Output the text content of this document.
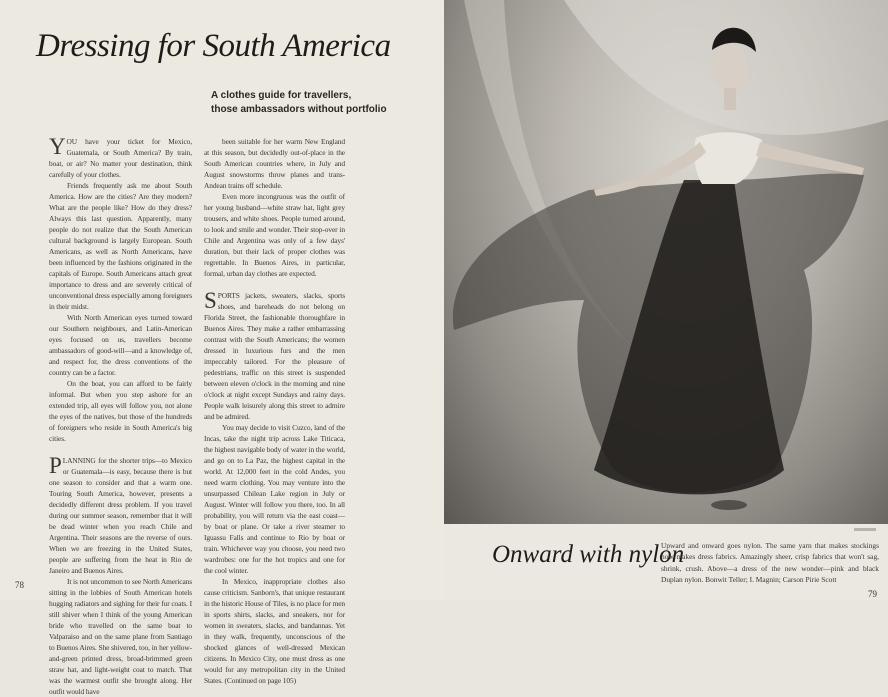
Dressing for South America
A clothes guide for travellers,
those ambassadors without portfolio

YOU have your ticket for Mexico, Guatemala, or South America? By train, boat, or air? No matter your destination, think carefully of your clothes.

Friends frequently ask me about South America. How are the cities? Are they modern? What are the people like? How do they dress? Always this last question. Apparently, many people do not realize that the South American cultural background is largely European. South Americans, as well as North Americans, have been influenced by the fashions originated in the capitals of Europe. South Americans attach great importance to dress and are severely critical of unconventional dress especially among foreigners in their midst.

With North American eyes turned toward our Southern neighbours, and Latin-American eyes focused on us, travellers become ambassadors of good-will—and a knowledge of, and respect for, the dress conventions of the country can be a factor.

On the boat, you can afford to be fairly informal. But when you step ashore for an extended trip, all eyes will follow you, not alone the eyes of the natives, but those of the hundreds of foreigners who reside in South America's big cities.

PLANNING for the shorter trips—to Mexico or Guatemala—is easy, because there is but one season to consider and that a warm one. Touring South America, however, presents a decidedly different dress problem. If you travel during our summer season, remember that it will be dead winter when you reach Chile and Argentina. Their seasons are the reverse of ours. When we are freezing in the United States, people are suffering from the heat in Rio de Janeiro and Buenos Aires.

It is not uncommon to see North Americans sitting in the lobbies of South American hotels hugging radiators and sighing for their fur coats. I still shiver when I think of the young American bride who travelled on the same boat to Valparaiso and on the same plane from Santiago to Buenos Aires. She shivered, too, in her yellow-and-green printed dress, broad-brimmed green straw hat, and light-weight coat to match. That was the warmest outfit she brought along. Her outfit would have

been suitable for her warm New England at this season, but decidedly out-of-place in the South American countries where, in July and August snowstorms throw planes and trans-Andean trains off schedule.

Even more incongruous was the outfit of her young husband—white straw hat, light grey trousers, and white shoes. People turned around, to look and smile and wonder. Their stop-over in Chile and Argentina was only of a few days' duration, but their lack of proper clothes was regrettable. In Buenos Aires, in particular, formal, urban day clothes are expected.

SPORTS jackets, sweaters, slacks, sports shoes, and bareheads do not belong on Florida Street, the fashionable thoroughfare in Buenos Aires. They make a rather embarrassing contrast with the South Americans; the women dressed in luxurious furs and the men impeccably tailored. For the pleasure of pedestrians, traffic on this street is suspended between eleven o'clock in the morning and nine o'clock at night except Sundays and rainy days. People walk leisurely along this street to admire and be admired.

You may decide to visit Cuzco, land of the Incas, take the night trip across Lake Titicaca, the highest navigable body of water in the world, and go on to La Paz, the highest capital in the world. At 12,000 feet in the cold Andes, you need warm clothing. You may venture into the unsurpassed Chilean Lake region in July or August. Winter will follow you there, too. In all probability, you will return via the east coast—by boat or plane. Or take a river steamer to Iguassu Falls and continue to Rio by boat or train. Whichever way you choose, you need two wardrobes: one for the hot tropics and one for the cool winter.

In Mexico, inappropriate clothes also cause criticism. Sanborn's, that unique restaurant in the historic House of Tiles, is no place for men in sports shirts, slacks, and sneakers, nor for women in sweaters, slacks, and bandannas. Yet in they walk, frequently, unconscious of the shocked glances of well-dressed Mexican citizens. In Mexico City, one must dress as one would for any metropolitan city in the United States. (Continued on page 105)

78
Onward with nylon
Upward and onward goes nylon. The same yarn that makes stockings now makes dress fabrics. Amazingly sheer, crisp fabrics that won't sag, shrink, crush. Above—a dress of the new wonder—pink and black Duplan nylon. Bonwit Teller; I. Magnin; Carson Pirie Scott
79
